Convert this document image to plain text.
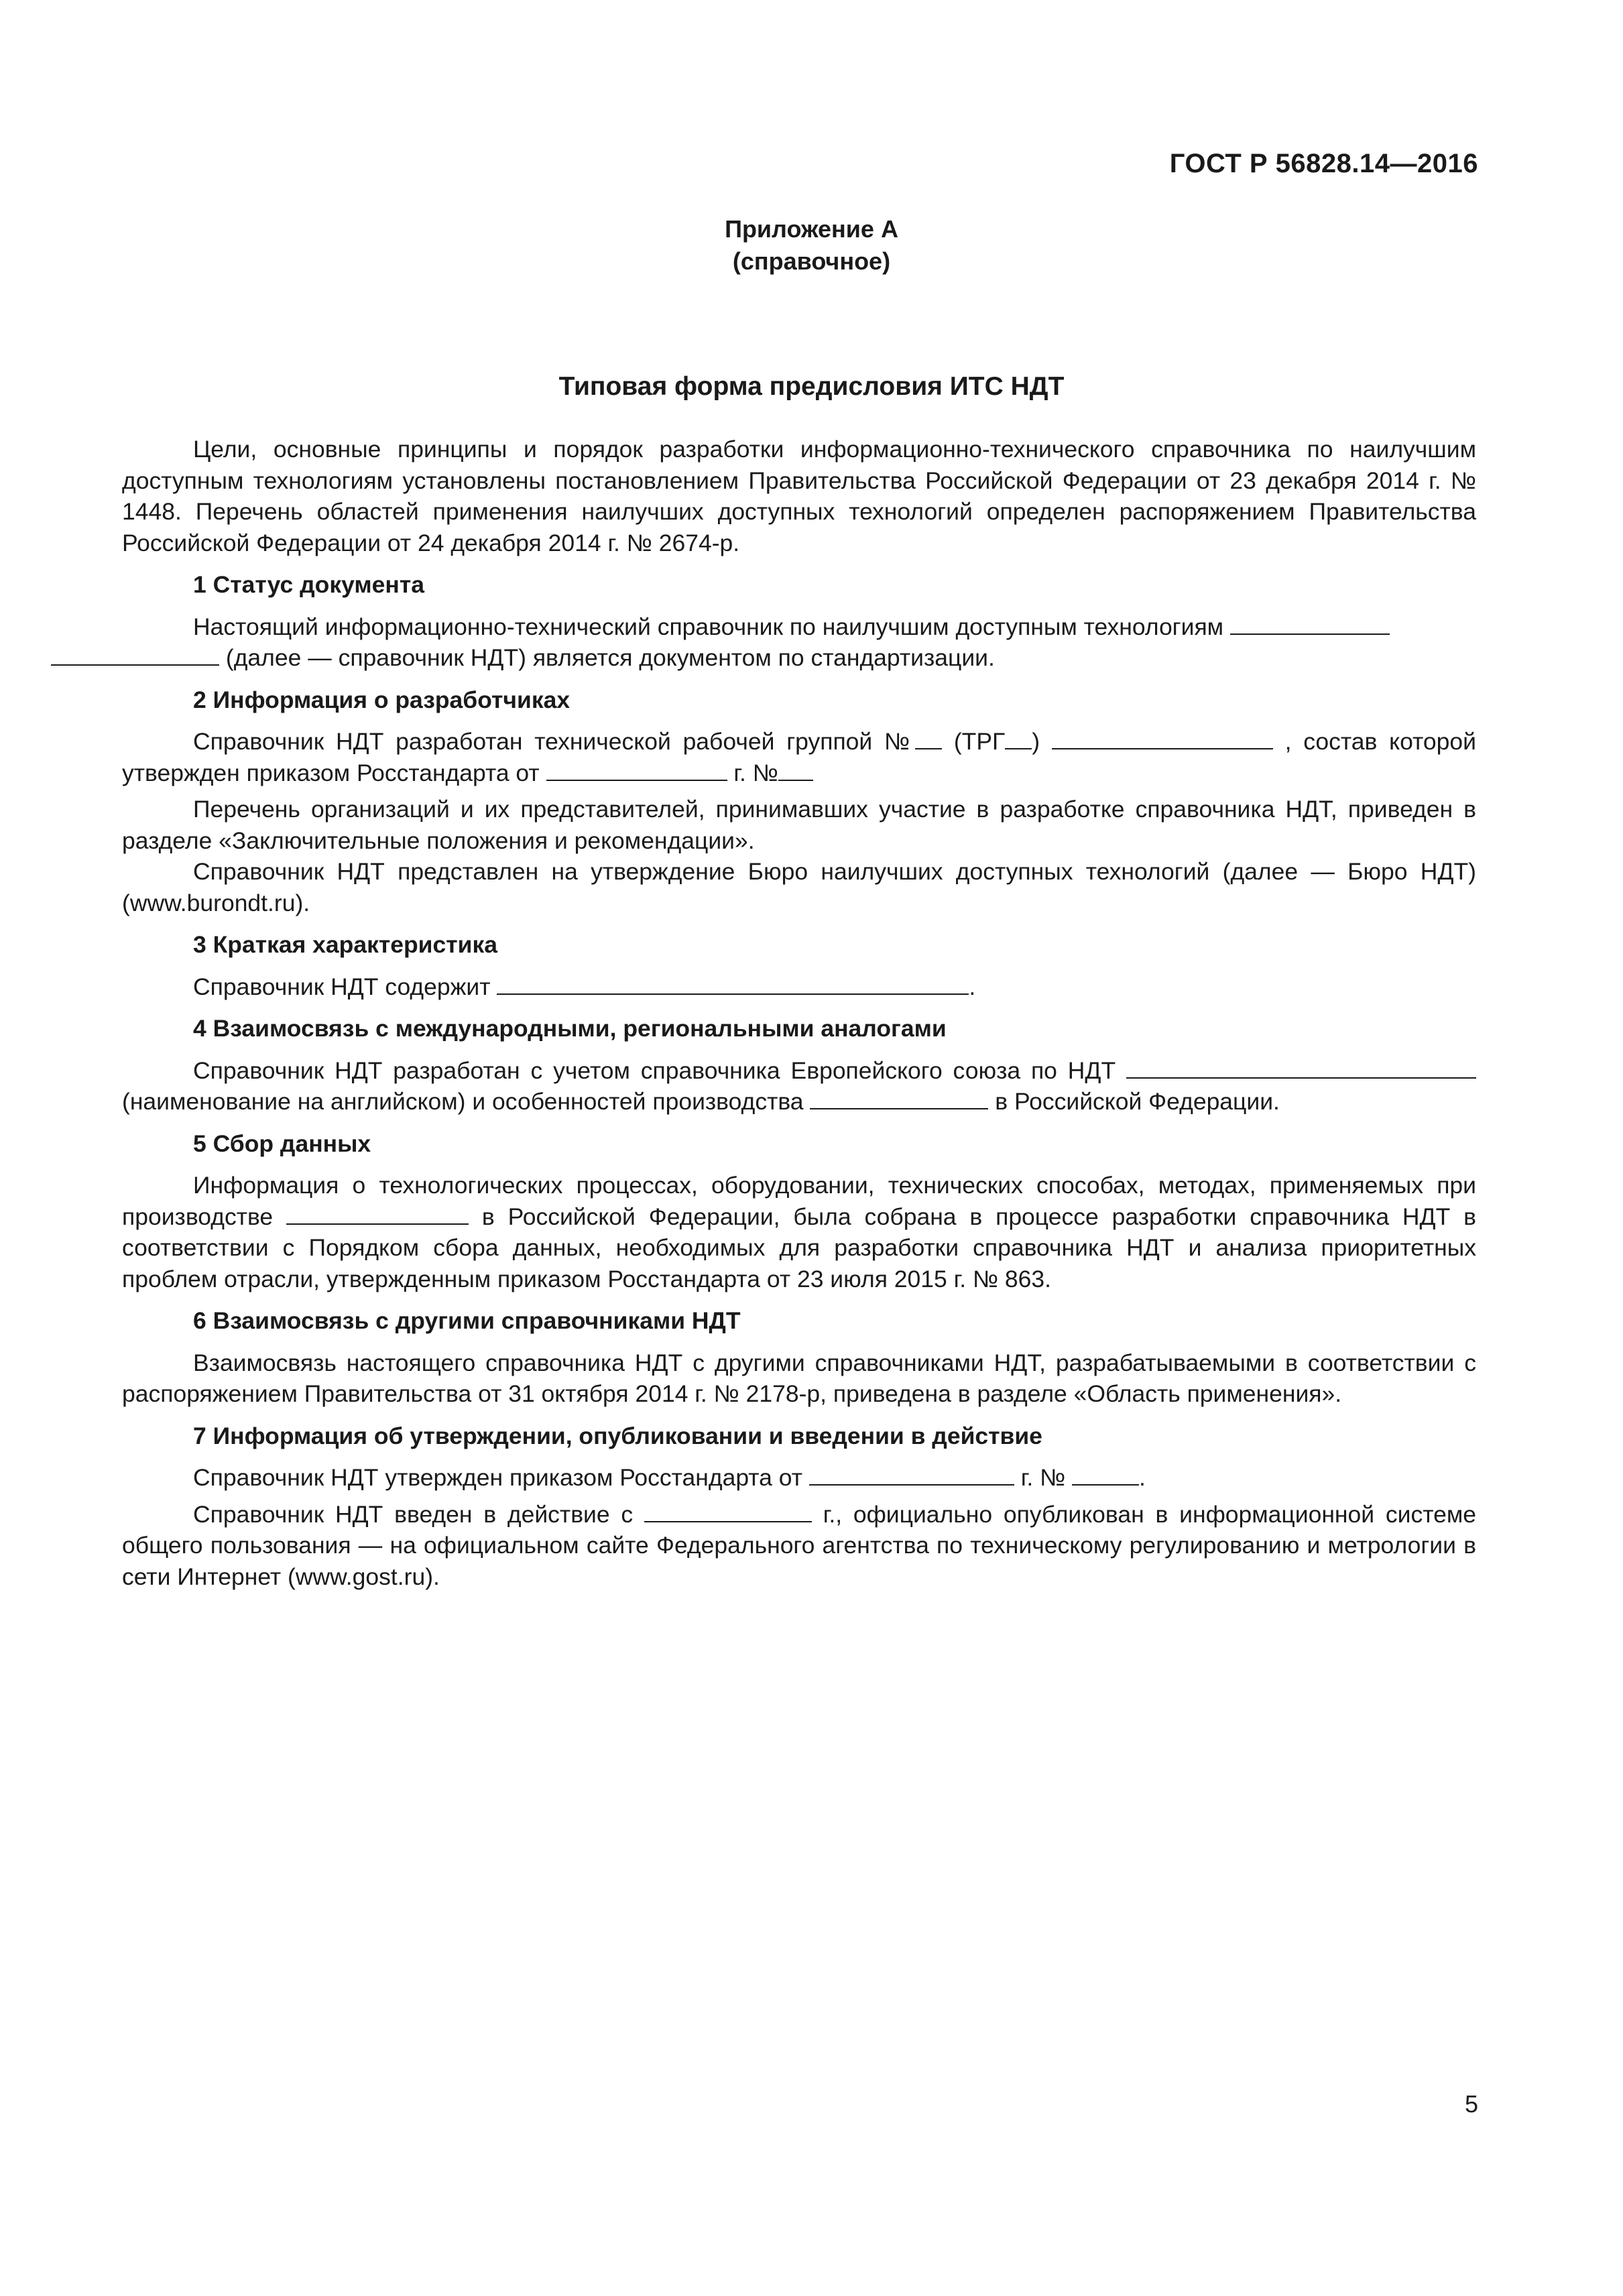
ГОСТ Р 56828.14—2016
Приложение А
(справочное)
Типовая форма предисловия ИТС НДТ

Цели, основные принципы и порядок разработки информационно-технического справочника по наилучшим доступным технологиям установлены постановлением Правительства Российской Федерации от 23 декабря 2014 г. № 1448. Перечень областей применения наилучших доступных технологий определен распоряжением Правительства Российской Федерации от 24 декабря 2014 г. № 2674-р.

1 Статус документа

Настоящий информационно-технический справочник по наилучшим доступным технологиям
(далее — справочник НДТ) является документом по стандартизации.

2 Информация о разработчиках

Справочник НДТ разработан технической рабочей группой № (ТРГ )	, состав которой утвержден приказом Росстандарта от	г. №

Перечень организаций и их представителей, принимавших участие в разработке справочника НДТ, приведен в разделе «Заключительные положения и рекомендации».

Справочник НДТ представлен на утверждение Бюро наилучших доступных технологий (далее — Бюро НДТ) (www.burondt.ru).

3 Краткая характеристика

Справочник НДТ содержит	.

4 Взаимосвязь с международными, региональными аналогами

Справочник НДТ разработан с учетом справочника Европейского союза по НДТ  (наименование на английском) и особенностей производства	в Российской Федерации.

5 Сбор данных

Информация о технологических процессах, оборудовании, технических способах, методах, применяемых при производстве	в Российской Федерации, была собрана в процессе разработки справочника НДТ в соответствии с Порядком сбора данных, необходимых для разработки справочника НДТ и анализа приоритетных проблем отрасли, утвержденным приказом Росстандарта от 23 июля 2015 г. № 863.

6 Взаимосвязь с другими справочниками НДТ

Взаимосвязь настоящего справочника НДТ с другими справочниками НДТ, разрабатываемыми в соответствии с распоряжением Правительства от 31 октября 2014 г. № 2178-р, приведена в разделе «Область применения».

7 Информация об утверждении, опубликовании и введении в действие

Справочник НДТ утвержден приказом Росстандарта от	г. №	.

Справочник НДТ введен в действие с	г., официально опубликован в информационной системе общего пользования — на официальном сайте Федерального агентства по техническому регулированию и метрологии в сети Интернет (www.gost.ru).

5
